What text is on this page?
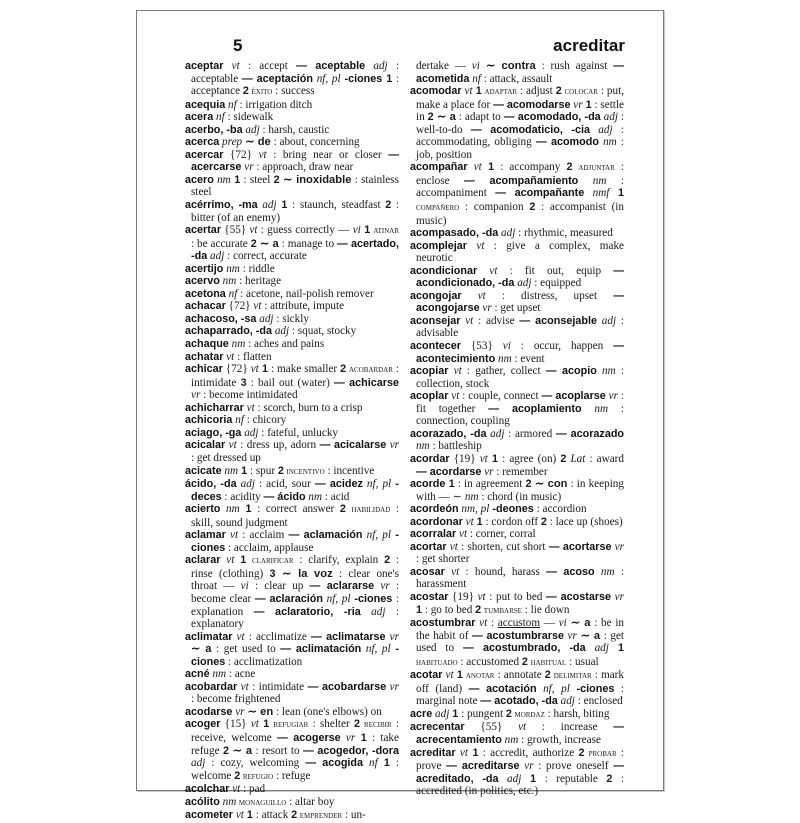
5	acreditar

aceptar vt : accept — aceptable adj : acceptable — aceptación nf, pl -ciones 1 : acceptance 2 éxito : success

acequia nf : irrigation ditch

acera nf : sidewalk

acerbo, -ba adj : harsh, caustic

acerca prep ∼ de : about, concerning

acercar {72} vt : bring near or closer — acercarse vr : approach, draw near

acero nm 1 : steel 2 ∼ inoxidable : stainless steel

acérrimo, -ma adj 1 : staunch, steadfast 2 : bitter (of an enemy)

acertar {55} vt : guess correctly — vi 1 atinar : be accurate 2 ∼ a : manage to — acertado, -da adj : correct, accurate

acertijo nm : riddle

acervo nm : heritage

acetona nf : acetone, nail-polish remover

achacar {72} vt : attribute, impute

achacoso, -sa adj : sickly

achaparrado, -da adj : squat, stocky

achaque nm : aches and pains

achatar vt : flatten

achicar {72} vt 1 : make smaller 2 acobardar : intimidate 3 : bail out (water) — achicarse vr : become intimidated

achicharrar vt : scorch, burn to a crisp

achicoria nf : chicory

aciago, -ga adj : fateful, unlucky

acicalar vt : dress up, adorn — acicalarse vr : get dressed up

acicate nm 1 : spur 2 incentivo : incentive

ácido, -da adj : acid, sour — acidez nf, pl -deces : acidity — ácido nm : acid

acierto nm 1 : correct answer 2 habilidad : skill, sound judgment

aclamar vt : acclaim — aclamación nf, pl -ciones : acclaim, applause

aclarar vt 1 clarificar : clarify, explain 2 : rinse (clothing) 3 ∼ la voz : clear one's throat — vi : clear up — aclararse vr : become clear — aclaración nf, pl -ciones : explanation — aclaratorio, -ria adj : explanatory

aclimatar vt : acclimatize — aclimatarse vr ∼ a : get used to — aclimatación nf, pl -ciones : acclimatization

acné nm : acne

acobardar vt : intimidate — acobardarse vr : become frightened

acodarse vr ∼ en : lean (one's elbows) on

acoger {15} vt 1 refugiar : shelter 2 recibir : receive, welcome — acogerse vr 1 : take refuge 2 ∼ a : resort to — acogedor, -dora adj : cozy, welcoming — acogida nf 1 : welcome 2 refugio : refuge

acolchar vt : pad

acólito nm monaguillo : altar boy

acometer vt 1 : attack 2 emprender : un-

dertake — vi ∼ contra : rush against — acometida nf : attack, assault

acomodar vt 1 adaptar : adjust 2 colocar : put, make a place for — acomodarse vr 1 : settle in 2 ∼ a : adapt to — acomodado, -da adj : well-to-do — acomodaticio, -cia adj : accommodating, obliging — acomodo nm : job, position

acompañar vt 1 : accompany 2 adjuntar : enclose — acompañamiento nm : accompaniment — acompañante nmf 1 compañero : companion 2 : accompanist (in music)

acompasado, -da adj : rhythmic, measured

acomplejar vt : give a complex, make neurotic

acondicionar vt : fit out, equip — acondicionado, -da adj : equipped

acongojar vt : distress, upset — acongojarse vr : get upset

aconsejar vt : advise — aconsejable adj : advisable

acontecer {53} vi : occur, happen — acontecimiento nm : event

acopiar vt : gather, collect — acopio nm : collection, stock

acoplar vt : couple, connect — acoplarse vr : fit together — acoplamiento nm : connection, coupling

acorazado, -da adj : armored — acorazado nm : battleship

acordar {19} vt 1 : agree (on) 2 Lat : award — acordarse vr : remember

acorde 1 : in agreement 2 ∼ con : in keeping with — ∼ nm : chord (in music)

acordeón nm, pl -deones : accordion

acordonar vt 1 : cordon off 2 : lace up (shoes)

acorralar vt : corner, corral

acortar vt : shorten, cut short — acortarse vr : get shorter

acosar vt : hound, harass — acoso nm : harassment

acostar {19} vt : put to bed — acostarse vr 1 : go to bed 2 tumbarse : lie down

acostumbrar vt : accustom — vi ∼ a : be in the habit of — acostumbrarse vr ∼ a : get used to — acostumbrado, -da adj 1 habituado : accustomed 2 habitual : usual

acotar vt 1 anotar : annotate 2 delimitar : mark off (land) — acotación nf, pl -ciones : marginal note — acotado, -da adj : enclosed

acre adj 1 : pungent 2 mordaz : harsh, biting

acrecentar {55} vt : increase — acrecentamiento nm : growth, increase

acreditar vt 1 : accredit, authorize 2 probar : prove — acreditarse vr : prove oneself — acreditado, -da adj 1 : reputable 2 : accredited (in politics, etc.)
